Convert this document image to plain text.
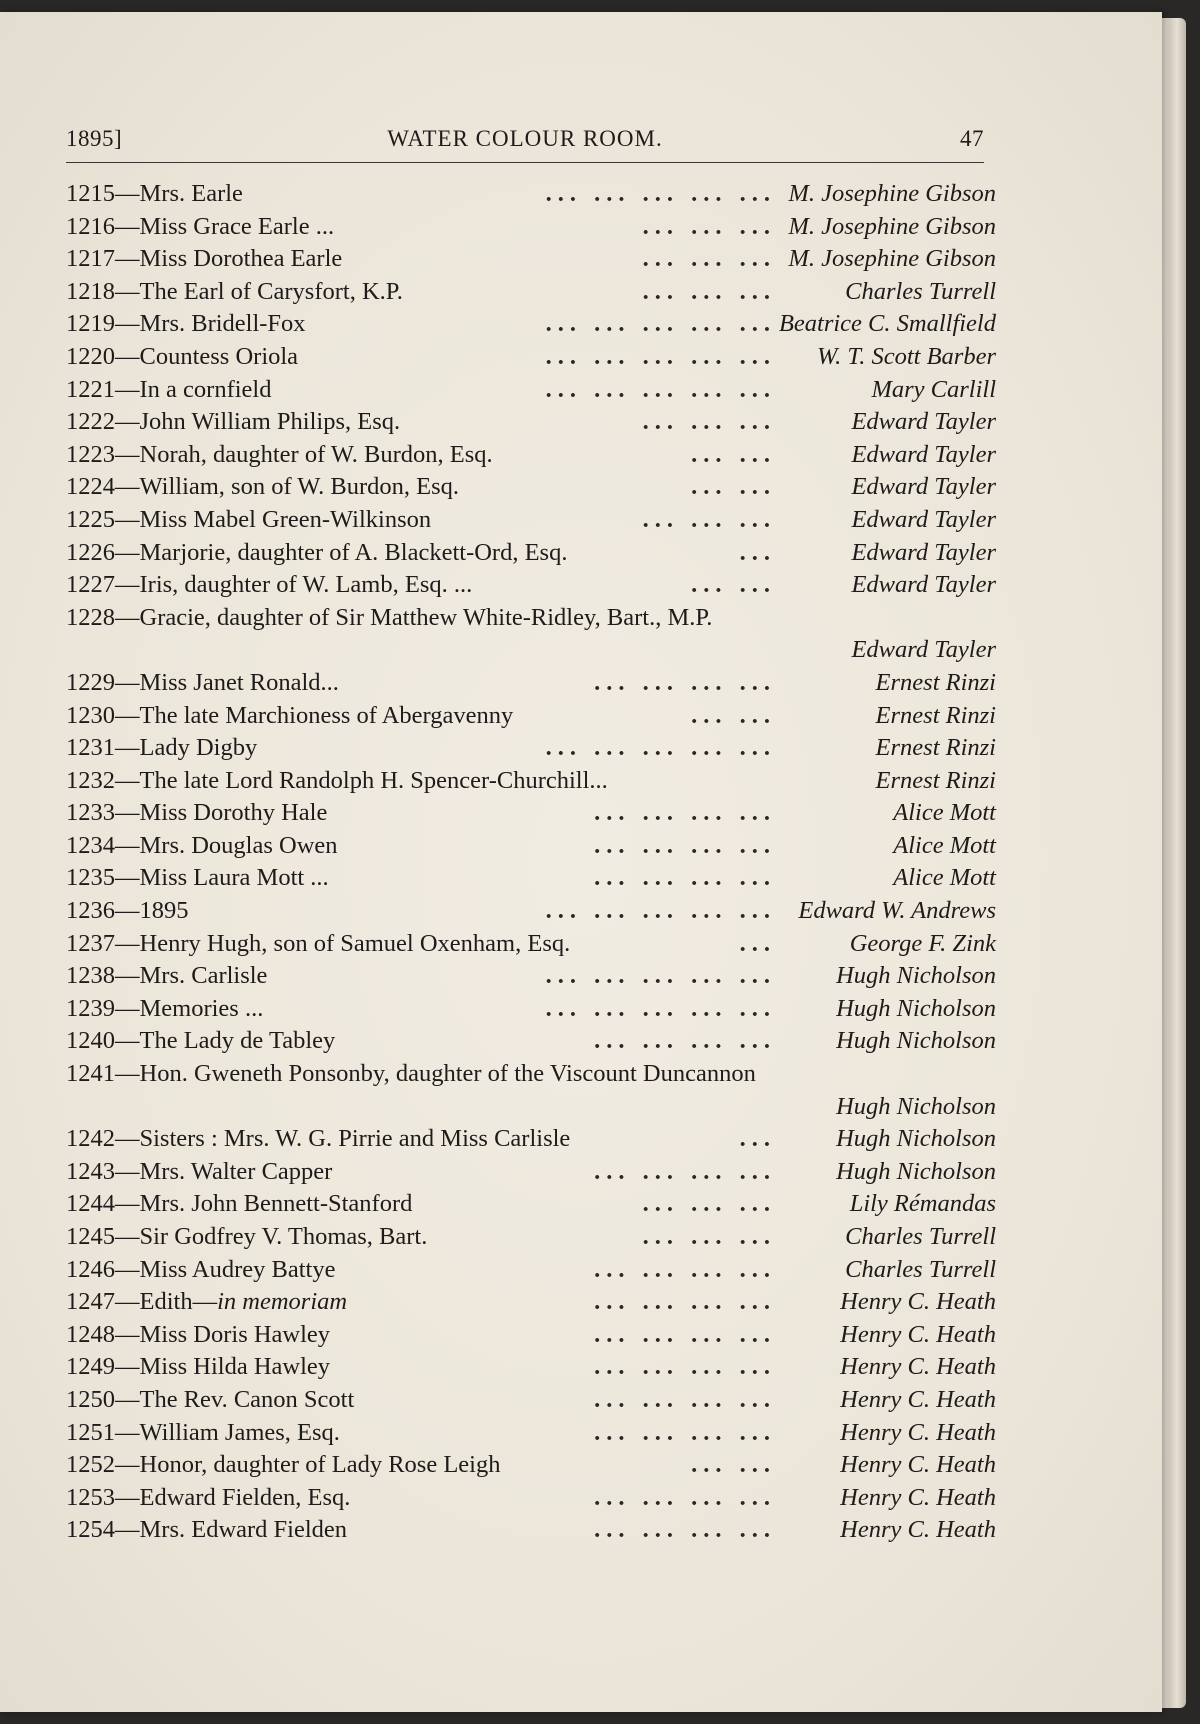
1895]	WATER COLOUR ROOM.	47
1215—Mrs. Earle	... ... ... ... ... M. Josephine Gibson
1216—Miss Grace Earle ...	... ... ... M. Josephine Gibson
1217—Miss Dorothea Earle	... ... ... M. Josephine Gibson
1218—The Earl of Carysfort, K.P.	... ... ...	Charles Turrell
1219—Mrs. Bridell-Fox	... ... ... ... ... Beatrice C. Smallfield
1220—Countess Oriola	... ... ... ... ... W. T. Scott Barber
1221—In a cornfield	... ... ... ... ...	Mary Carlill
1222—John William Philips, Esq.	... ... ...	Edward Tayler
1223—Norah, daughter of W. Burdon, Esq.	... ...	Edward Tayler
1224—William, son of W. Burdon, Esq.	... ...	Edward Tayler
1225—Miss Mabel Green-Wilkinson	... ... ...	Edward Tayler
1226—Marjorie, daughter of A. Blackett-Ord, Esq.	...	Edward Tayler
1227—Iris, daughter of W. Lamb, Esq. ...	... ...	Edward Tayler
1228—Gracie, daughter of Sir Matthew White-Ridley, Bart., M.P.
Edward Tayler
1229—Miss Janet Ronald...	... ... ... ...	Ernest Rinzi
1230—The late Marchioness of Abergavenny	... ...	Ernest Rinzi
1231—Lady Digby	... ... ... ... ...	Ernest Rinzi
1232—The late Lord Randolph H. Spencer-Churchill...	Ernest Rinzi
1233—Miss Dorothy Hale	... ... ... ...	Alice Mott
1234—Mrs. Douglas Owen	... ... ... ...	Alice Mott
1235—Miss Laura Mott ...	... ... ... ...	Alice Mott
1236—1895	... ... ... ... ... Edward W. Andrews
1237—Henry Hugh, son of Samuel Oxenham, Esq.	...	George F. Zink
1238—Mrs. Carlisle	... ... ... ... ... Hugh Nicholson
1239—Memories ...	... ... ... ... ... Hugh Nicholson
1240—The Lady de Tabley	... ... ... ... Hugh Nicholson
1241—Hon. Gweneth Ponsonby, daughter of the Viscount Duncannon
Hugh Nicholson
1242—Sisters : Mrs. W. G. Pirrie and Miss Carlisle	... Hugh Nicholson
1243—Mrs. Walter Capper	... ... ... ... Hugh Nicholson
1244—Mrs. John Bennett-Stanford	... ... ...	Lily Rémandas
1245—Sir Godfrey V. Thomas, Bart.	... ... ...	Charles Turrell
1246—Miss Audrey Battye	... ... ... ...	Charles Turrell
1247—Edith—in memoriam	... ... ... ...	Henry C. Heath
1248—Miss Doris Hawley	... ... ... ...	Henry C. Heath
1249—Miss Hilda Hawley	... ... ... ...	Henry C. Heath
1250—The Rev. Canon Scott	... ... ... ...	Henry C. Heath
1251—William James, Esq.	... ... ... ...	Henry C. Heath
1252—Honor, daughter of Lady Rose Leigh	... ...	Henry C. Heath
1253—Edward Fielden, Esq.	... ... ... ...	Henry C. Heath
1254—Mrs. Edward Fielden	... ... ... ...	Henry C. Heath
